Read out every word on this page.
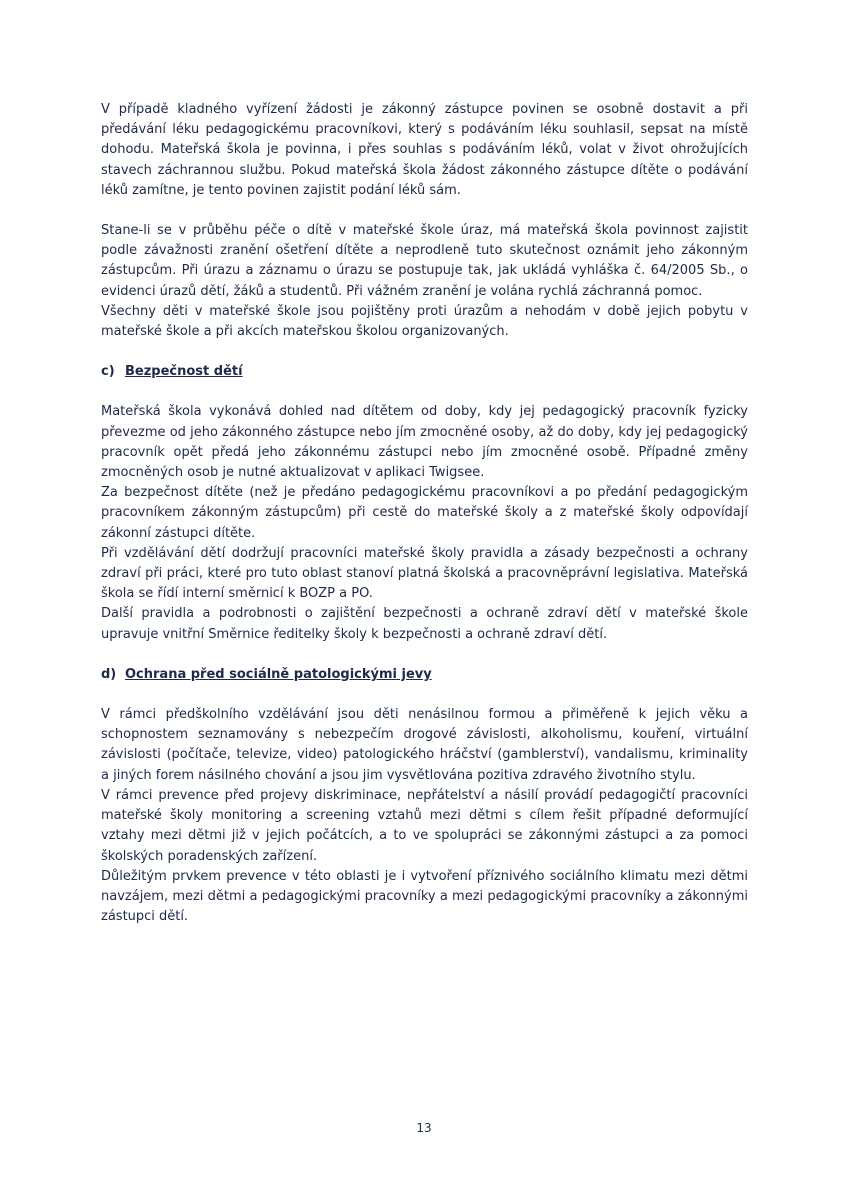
V případě kladného vyřízení žádosti je zákonný zástupce povinen se osobně dostavit a při předávání léku pedagogickému pracovníkovi, který s podáváním léku souhlasil, sepsat na místě dohodu. Mateřská škola je povinna, i přes souhlas s podáváním léků, volat v život ohrožujících stavech záchrannou službu. Pokud mateřská škola žádost zákonného zástupce dítěte o podávání léků zamítne, je tento povinen zajistit podání léků sám.

Stane-li se v průběhu péče o dítě v mateřské škole úraz, má mateřská škola povinnost zajistit podle závažnosti zranění ošetření dítěte a neprodleně tuto skutečnost oznámit jeho zákonným zástupcům. Při úrazu a záznamu o úrazu se postupuje tak, jak ukládá vyhláška č. 64/2005 Sb., o evidenci úrazů dětí, žáků a studentů. Při vážném zranění je volána rychlá záchranná pomoc.

Všechny děti v mateřské škole jsou pojištěny proti úrazům a nehodám v době jejich pobytu v mateřské škole a při akcích mateřskou školou organizovaných.

c) Bezpečnost dětí

Mateřská škola vykonává dohled nad dítětem od doby, kdy jej pedagogický pracovník fyzicky převezme od jeho zákonného zástupce nebo jím zmocněné osoby, až do doby, kdy jej pedagogický pracovník opět předá jeho zákonnému zástupci nebo jím zmocněné osobě. Případné změny zmocněných osob je nutné aktualizovat v aplikaci Twigsee.

Za bezpečnost dítěte (než je předáno pedagogickému pracovníkovi a po předání pedagogickým pracovníkem zákonným zástupcům) při cestě do mateřské školy a z mateřské školy odpovídají zákonní zástupci dítěte.

Při vzdělávání dětí dodržují pracovníci mateřské školy pravidla a zásady bezpečnosti a ochrany zdraví při práci, které pro tuto oblast stanoví platná školská a pracovněprávní legislativa. Mateřská škola se řídí interní směrnicí k BOZP a PO.

Další pravidla a podrobnosti o zajištění bezpečnosti a ochraně zdraví dětí v mateřské škole upravuje vnitřní Směrnice ředitelky školy k bezpečnosti a ochraně zdraví dětí.

d) Ochrana před sociálně patologickými jevy

V rámci předškolního vzdělávání jsou děti nenásilnou formou a přiměřeně k jejich věku a schopnostem seznamovány s nebezpečím drogové závislosti, alkoholismu, kouření, virtuální závislosti (počítače, televize, video) patologického hráčství (gamblerství), vandalismu, kriminality a jiných forem násilného chování a jsou jim vysvětlována pozitiva zdravého životního stylu.

V rámci prevence před projevy diskriminace, nepřátelství a násilí provádí pedagogičtí pracovníci mateřské školy monitoring a screening vztahů mezi dětmi s cílem řešit případné deformující vztahy mezi dětmi již v jejich počátcích, a to ve spolupráci se zákonnými zástupci a za pomoci školských poradenských zařízení.

Důležitým prvkem prevence v této oblasti je i vytvoření příznivého sociálního klimatu mezi dětmi navzájem, mezi dětmi a pedagogickými pracovníky a mezi pedagogickými pracovníky a zákonnými zástupci dětí.

13
